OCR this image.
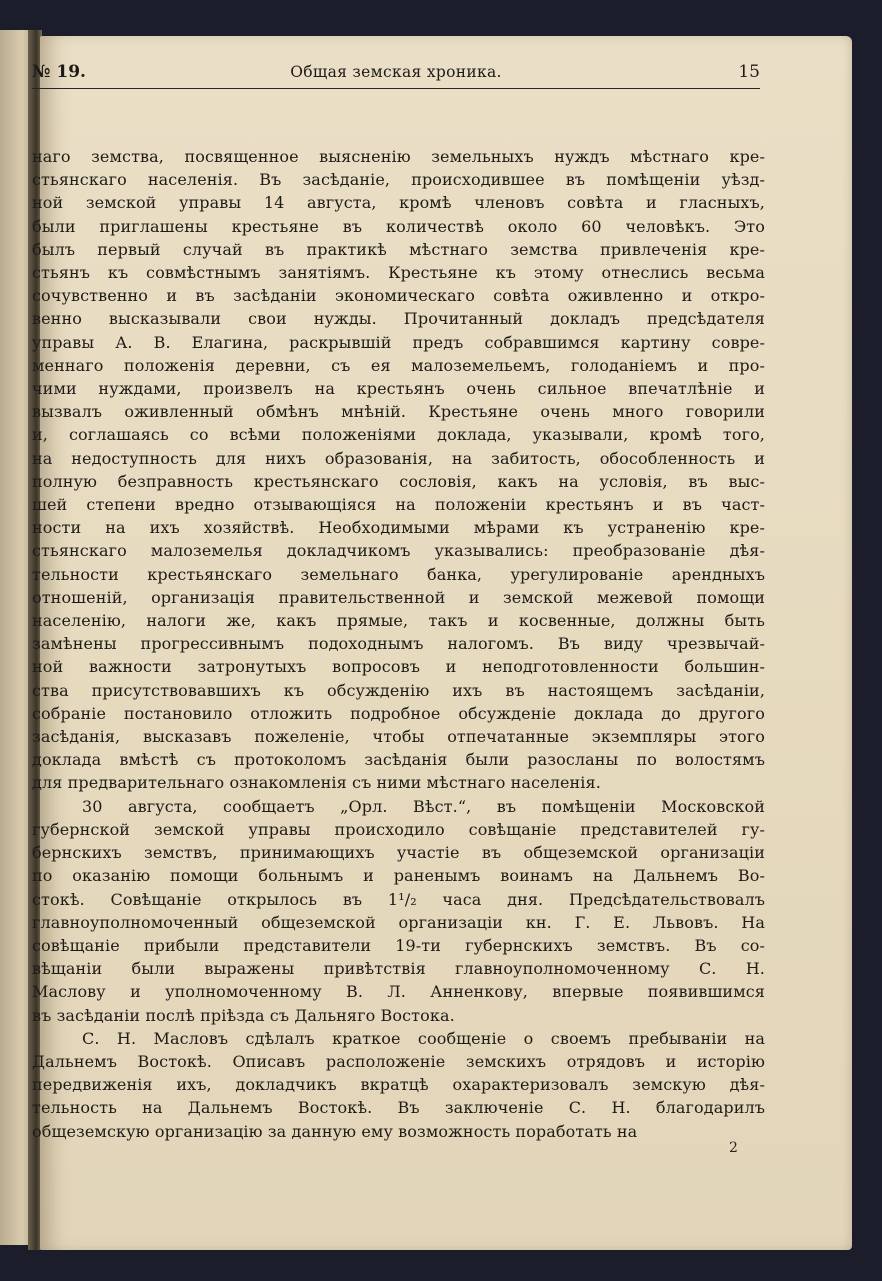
№ 19.	Общая земская хроника.	15

наго земства, посвященное выясненію земельныхъ нуждъ мѣстнаго кре-
стьянскаго населенія. Въ засѣданіе, происходившее въ помѣщеніи уѣзд-
ной земской управы 14 августа, кромѣ членовъ совѣта и гласныхъ,
были приглашены крестьяне въ количествѣ около 60 человѣкъ. Это
былъ первый случай въ практикѣ мѣстнаго земства привлеченія кре-
стьянъ къ совмѣстнымъ занятіямъ. Крестьяне къ этому отнеслись весьма
сочувственно и въ засѣданіи экономическаго совѣта оживленно и откро-
венно высказывали свои нужды. Прочитанный докладъ предсѣдателя
управы А. В. Елагина, раскрывшій предъ собравшимся картину совре-
меннаго положенія деревни, съ ея малоземельемъ, голоданіемъ и про-
чими нуждами, произвелъ на крестьянъ очень сильное впечатлѣніе и
вызвалъ оживленный обмѣнъ мнѣній. Крестьяне очень много говорили
и, соглашаясь со всѣми положеніями доклада, указывали, кромѣ того,
на недоступность для нихъ образованія, на забитость, обособленность и
полную безправность крестьянскаго сословія, какъ на условія, въ выс-
шей степени вредно отзывающіяся на положеніи крестьянъ и въ част-
ности на ихъ хозяйствѣ. Необходимыми мѣрами къ устраненію кре-
стьянскаго малоземелья докладчикомъ указывались: преобразованіе дѣя-
тельности крестьянскаго земельнаго банка, урегулированіе арендныхъ
отношеній, организація правительственной и земской межевой помощи
населенію, налоги же, какъ прямые, такъ и косвенные, должны быть
замѣнены прогрессивнымъ подоходнымъ налогомъ. Въ виду чрезвычай-
ной важности затронутыхъ вопросовъ и неподготовленности большин-
ства присутствовавшихъ къ обсужденію ихъ въ настоящемъ засѣданіи,
собраніе постановило отложить подробное обсужденіе доклада до другого
засѣданія, высказавъ пожеленіе, чтобы отпечатанные экземпляры этого
доклада вмѣстѣ съ протоколомъ засѣданія были разосланы по волостямъ
для предварительнаго ознакомленія съ ними мѣстнаго населенія.

30 августа, сообщаетъ „Орл. Вѣст.“, въ помѣщеніи Московской
губернской земской управы происходило совѣщаніе представителей гу-
бернскихъ земствъ, принимающихъ участіе въ общеземской организаціи
по оказанію помощи больнымъ и раненымъ воинамъ на Дальнемъ Во-
стокѣ. Совѣщаніе открылось въ 1¹/₂ часа дня. Предсѣдательствовалъ
главноуполномоченный общеземской организаціи кн. Г. Е. Львовъ. На
совѣщаніе прибыли представители 19-ти губернскихъ земствъ. Въ со-
вѣщаніи были выражены привѣтствія главноуполномоченному С. Н.
Маслову и уполномоченному В. Л. Анненкову, впервые появившимся
въ засѣданіи послѣ пріѣзда съ Дальняго Востока.

С. Н. Масловъ сдѣлалъ краткое сообщеніе о своемъ пребываніи на
Дальнемъ Востокѣ. Описавъ расположеніе земскихъ отрядовъ и исторію
передвиженія ихъ, докладчикъ вкратцѣ охарактеризовалъ земскую дѣя-
тельность на Дальнемъ Востокѣ. Въ заключеніе С. Н. благодарилъ
общеземскую организацію за данную ему возможность поработать на

2
